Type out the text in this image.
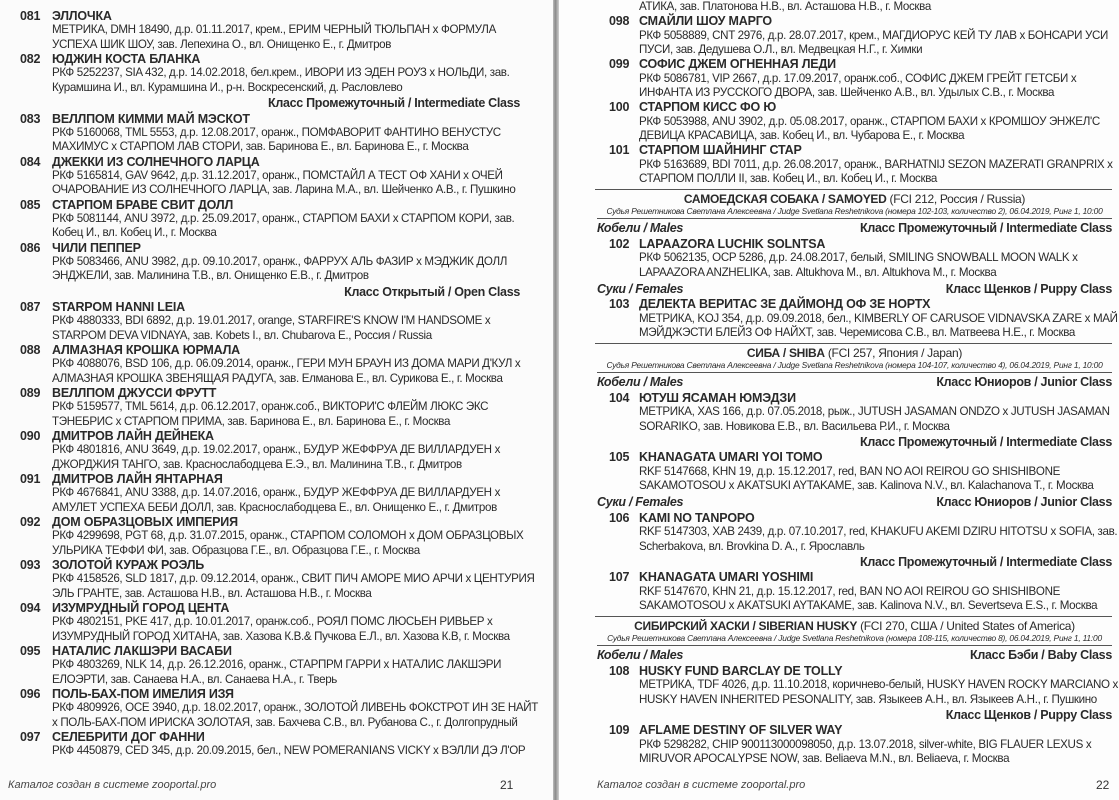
081 ЭЛЛОЧКА
МЕТРИКА, DMH 18490, д.р. 01.11.2017, крем., ЕРИМ ЧЕРНЫЙ ТЮЛЬПАН х ФОРМУЛА
УСПЕХА ШИК ШОУ, зав. Лепехина О., вл. Онищенко Е., г. Дмитров
082 ЮДЖИН КОСТА БЛАНКА
РКФ 5252237, SIA 432, д.р. 14.02.2018, бел.крем., ИВОРИ ИЗ ЭДЕН РОУЗ х НОЛЬДИ, зав.
Курамшина И., вл. Курамшина И., р-н. Воскресенский, д. Расловлево
Класс Промежуточный / Intermediate Class
083 ВЕЛЛПОМ КИММИ МАЙ МЭСКОТ
РКФ 5160068, TML 5553, д.р. 12.08.2017, оранж., ПОМФАВОРИТ ФАНТИНО ВЕНУСТУС
МАХИМУС х СТАРПОМ ЛАВ СТОРИ, зав. Баринова Е., вл. Баринова Е., г. Москва
084 ДЖЕККИ ИЗ СОЛНЕЧНОГО ЛАРЦА
РКФ 5165814, GAV 9642, д.р. 31.12.2017, оранж., ПОМСТАЙЛ А ТЕСТ ОФ ХАНИ х ОЧЕЙ
ОЧАРОВАНИЕ ИЗ СОЛНЕЧНОГО ЛАРЦА, зав. Ларина М.А., вл. Шейченко А.В., г. Пушкино
085 СТАРПОМ БРАВЕ СВИТ ДОЛЛ
РКФ 5081144, ANU 3972, д.р. 25.09.2017, оранж., СТАРПОМ БАХИ х СТАРПОМ КОРИ, зав.
Кобец И., вл. Кобец И., г. Москва
086 ЧИЛИ ПЕППЕР
РКФ 5083466, ANU 3982, д.р. 09.10.2017, оранж., ФАРРУХ АЛЬ ФАЗИР х МЭДЖИК ДОЛЛ
ЭНДЖЕЛИ, зав. Малинина Т.В., вл. Онищенко Е.В., г. Дмитров
Класс Открытый / Open Class
087 STARPOM HANNI LEIA
РКФ 4880333, BDI 6892, д.р. 19.01.2017, orange, STARFIRE'S KNOW I'M HANDSOME х
STARPOM DEVA VIDNAYA, зав. Kobets I., вл. Chubarova E., Россия / Russia
088 АЛМАЗНАЯ КРОШКА ЮРМАЛА
РКФ 4088076, BSD 106, д.р. 06.09.2014, оранж., ГЕРИ МУН БРАУН ИЗ ДОМА МАРИ Д'КУЛ х
АЛМАЗНАЯ КРОШКА ЗВЕНЯЩАЯ РАДУГА, зав. Елманова Е., вл. Сурикова Е., г. Москва
089 ВЕЛЛПОМ ДЖУССИ ФРУТТ
РКФ 5159577, TML 5614, д.р. 06.12.2017, оранж.соб., ВИКТОРИ'С ФЛЕЙМ ЛЮКС ЭКС
ТЭНЕБРИС х СТАРПОМ ПРИМА, зав. Баринова Е., вл. Баринова Е., г. Москва
090 ДМИТРОВ ЛАЙН ДЕЙНЕКА
РКФ 4801816, ANU 3649, д.р. 19.02.2017, оранж., БУДУР ЖЕФФРУА ДЕ ВИЛЛАРДУЕН х
ДЖОРДЖИЯ ТАНГО, зав. Краснослабодцева Е.Э., вл. Малинина Т.В., г. Дмитров
091 ДМИТРОВ ЛАЙН ЯНТАРНАЯ
РКФ 4676841, ANU 3388, д.р. 14.07.2016, оранж., БУДУР ЖЕФФРУА ДЕ ВИЛЛАРДУЕН х
АМУЛЕТ УСПЕХА БЕБИ ДОЛЛ, зав. Краснослабодцева Е., вл. Онищенко Е., г. Дмитров
092 ДОМ ОБРАЗЦОВЫХ ИМПЕРИЯ
РКФ 4299698, PGT 68, д.р. 31.07.2015, оранж., СТАРПОМ СОЛОМОН х ДОМ ОБРАЗЦОВЫХ
УЛЬРИКА ТЕФФИ ФИ, зав. Образцова Г.Е., вл. Образцова Г.Е., г. Москва
093 ЗОЛОТОЙ КУРАЖ РОЭЛЬ
РКФ 4158526, SLD 1817, д.р. 09.12.2014, оранж., СВИТ ПИЧ АМОРЕ МИО АРЧИ х ЦЕНТУРИЯ
ЭЛЬ ГРАНТЕ, зав. Асташова Н.В., вл. Асташова Н.В., г. Москва
094 ИЗУМРУДНЫЙ ГОРОД ЦЕНТА
РКФ 4802151, PKE 417, д.р. 10.01.2017, оранж.соб., РОЯЛ ПОМС ЛЮСЬЕН РИВЬЕР х
ИЗУМРУДНЫЙ ГОРОД ХИТАНА, зав. Хазова К.В.& Пучкова Е.Л., вл. Хазова К.В, г. Москва
095 НАТАЛИС ЛАКШЭРИ ВАСАБИ
РКФ 4803269, NLK 14, д.р. 26.12.2016, оранж., СТАРПРМ ГАРРИ х НАТАЛИС ЛАКШЭРИ
ЕЛОЭРТИ, зав. Санаева Н.А., вл. Санаева Н.А., г. Тверь
096 ПОЛЬ-БАХ-ПОМ ИМЕЛИЯ ИЗЯ
РКФ 4809926, OCE 3940, д.р. 18.02.2017, оранж., ЗОЛОТОЙ ЛИВЕНЬ ФОКСТРОТ ИН ЗЕ НАЙТ
х ПОЛЬ-БАХ-ПОМ ИРИСКА ЗОЛОТАЯ, зав. Бахчева С.В., вл. Рубанова С., г. Долгопрудный
097 СЕЛЕБРИТИ ДОГ ФАННИ
РКФ 4450879, CED 345, д.р. 20.09.2015, бел., NEW POMERANIANS VICKY х ВЭЛЛИ ДЭ Л'ОР
Каталог создан в системе zooportal.pro	21
АТИКА, зав. Платонова Н.В., вл. Асташова Н.В., г. Москва
098 СМАЙЛИ ШОУ МАРГО
РКФ 5058889, CNT 2976, д.р. 28.07.2017, крем., МАГДИОРУС КЕЙ ТУ ЛАВ х БОНСАРИ УСИ
ПУСИ, зав. Дедушева О.Л., вл. Медвецкая Н.Г., г. Химки
099 СОФИС ДЖЕМ ОГНЕННАЯ ЛЕДИ
РКФ 5086781, VIP 2667, д.р. 17.09.2017, оранж.соб., СОФИС ДЖЕМ ГРЕЙТ ГЕТСБИ х
ИНФАНТА ИЗ РУССКОГО ДВОРА, зав. Шейченко А.В., вл. Удылых С.В., г. Москва
100 СТАРПОМ КИСС ФО Ю
РКФ 5053988, ANU 3902, д.р. 05.08.2017, оранж., СТАРПОМ БАХИ х КРОМШОУ ЭНЖЕЛ'С
ДЕВИЦА КРАСАВИЦА, зав. Кобец И., вл. Чубарова Е., г. Москва
101 СТАРПОМ ШАЙНИНГ СТАР
РКФ 5163689, BDI 7011, д.р. 26.08.2017, оранж., BARHATNIJ SEZON MAZERATI GRANPRIX х
СТАРПОМ ПОЛЛИ II, зав. Кобец И., вл. Кобец И., г. Москва
САМОЕДСКАЯ СОБАКА / SAMOYED (FCI 212, Россия / Russia)
Судья Решетникова Светлана Алексеевна / Judge Svetlana Reshetnikova (номера 102-103, количество 2), 06.04.2019, Ринг 1, 10:00
Кобели / Males	Класс Промежуточный / Intermediate Class
102 LAPAAZORA LUCHIK SOLNTSA
РКФ 5062135, OCP 5286, д.р. 24.08.2017, белый, SMILING SNOWBALL MOON WALK х
LAPAAZORA ANZHELIKA, зав. Altukhova M., вл. Altukhova M., г. Москва
Суки / Females	Класс Щенков / Puppy Class
103 ДЕЛЕКТА ВЕРИТАС ЗЕ ДАЙМОНД ОФ ЗЕ НОРТХ
МЕТРИКА, KOJ 354, д.р. 09.09.2018, бел., KIMBERLY OF CARUSOE VIDNAVSKA ZARE х МАЙ
МЭЙДЖЭСТИ БЛЕЙЗ ОФ НАЙХТ, зав. Черемисова С.В., вл. Матвеева Н.Е., г. Москва
СИБА / SHIBA (FCI 257, Япония / Japan)
Судья Решетникова Светлана Алексеевна / Judge Svetlana Reshetnikova (номера 104-107, количество 4), 06.04.2019, Ринг 1, 10:00
Кобели / Males	Класс Юниоров / Junior Class
104 ЮТУШ ЯСАМАН ЮМЭДЗИ
МЕТРИКА, XAS 166, д.р. 07.05.2018, рыж., JUTUSH JASAMAN ONDZO х JUTUSH JASAMAN
SORARIKO, зав. Новикова Е.В., вл. Васильева Р.И., г. Москва
Класс Промежуточный / Intermediate Class
105 KHANAGATA UMARI YOI TOMO
RKF 5147668, KHN 19, д.р. 15.12.2017, red, BAN NO AOI REIROU GO SHISHIBONE
SAKAMOTOSOU х AKATSUKI AYTAKAME, зав. Kalinova N.V., вл. Kalachanova T., г. Москва
Суки / Females	Класс Юниоров / Junior Class
106 KAMI NO TANPOPO
RKF 5147303, XAB 2439, д.р. 07.10.2017, red, KHAKUFU AKEMI DZIRU HITOTSU х SOFIA, зав.
Scherbakova, вл. Brovkina D. A., г. Ярославль
Класс Промежуточный / Intermediate Class
107 KHANAGATA UMARI YOSHIMI
RKF 5147670, KHN 21, д.р. 15.12.2017, red, BAN NO AOI REIROU GO SHISHIBONE
SAKAMOTOSOU х AKATSUKI AYTAKAME, зав. Kalinova N.V., вл. Severtseva E.S., г. Москва
СИБИРСКИЙ ХАСКИ / SIBERIAN HUSKY (FCI 270, США / United States of America)
Судья Решетникова Светлана Алексеевна / Judge Svetlana Reshetnikova (номера 108-115, количество 8), 06.04.2019, Ринг 1, 11:00
Кобели / Males	Класс Бэби / Baby Class
108 HUSKY FUND BARCLAY DE TOLLY
МЕТРИКА, TDF 4026, д.р. 11.10.2018, коричнево-белый, HUSKY HAVEN ROCKY MARCIANO х
HUSKY HAVEN INHERITED PESONALITY, зав. Языкеев А.Н., вл. Языкеев А.Н., г. Пушкино
Класс Щенков / Puppy Class
109 AFLAME DESTINY OF SILVER WAY
РКФ 5298282, CHIP 900113000098050, д.р. 13.07.2018, silver-white, BIG FLAUER LEXUS х
MIRUVOR APOCALYPSE NOW, зав. Beliaeva M.N., вл. Beliaeva, г. Москва
Каталог создан в системе zooportal.pro	22
